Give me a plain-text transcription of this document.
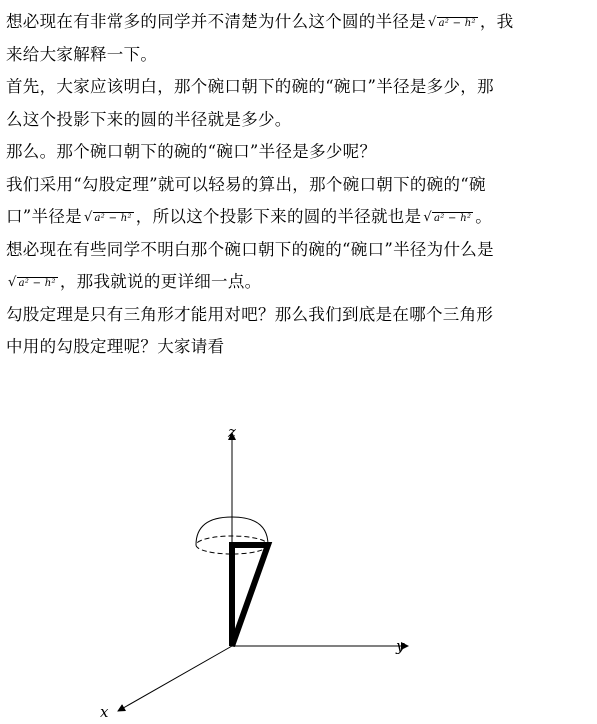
想必现在有非常多的同学并不清楚为什么这个圆的半径是 √ a² − h² ，我
来给大家解释一下。
首先，大家应该明白，那个碗口朝下的碗的“碗口”半径是多少，那
么这个投影下来的圆的半径就是多少。
那么。那个碗口朝下的碗的“碗口”半径是多少呢？
我们采用“勾股定理”就可以轻易的算出，那个碗口朝下的碗的“碗
口”半径是 √ a² − h² ，所以这个投影下来的圆的半径就也是 √ a² − h² 。
想必现在有些同学不明白那个碗口朝下的碗的“碗口”半径为什么是
√ a² − h² ，那我就说的更详细一点。
勾股定理是只有三角形才能用对吧？那么我们到底是在哪个三角形
中用的勾股定理呢？大家请看
z
y
x
